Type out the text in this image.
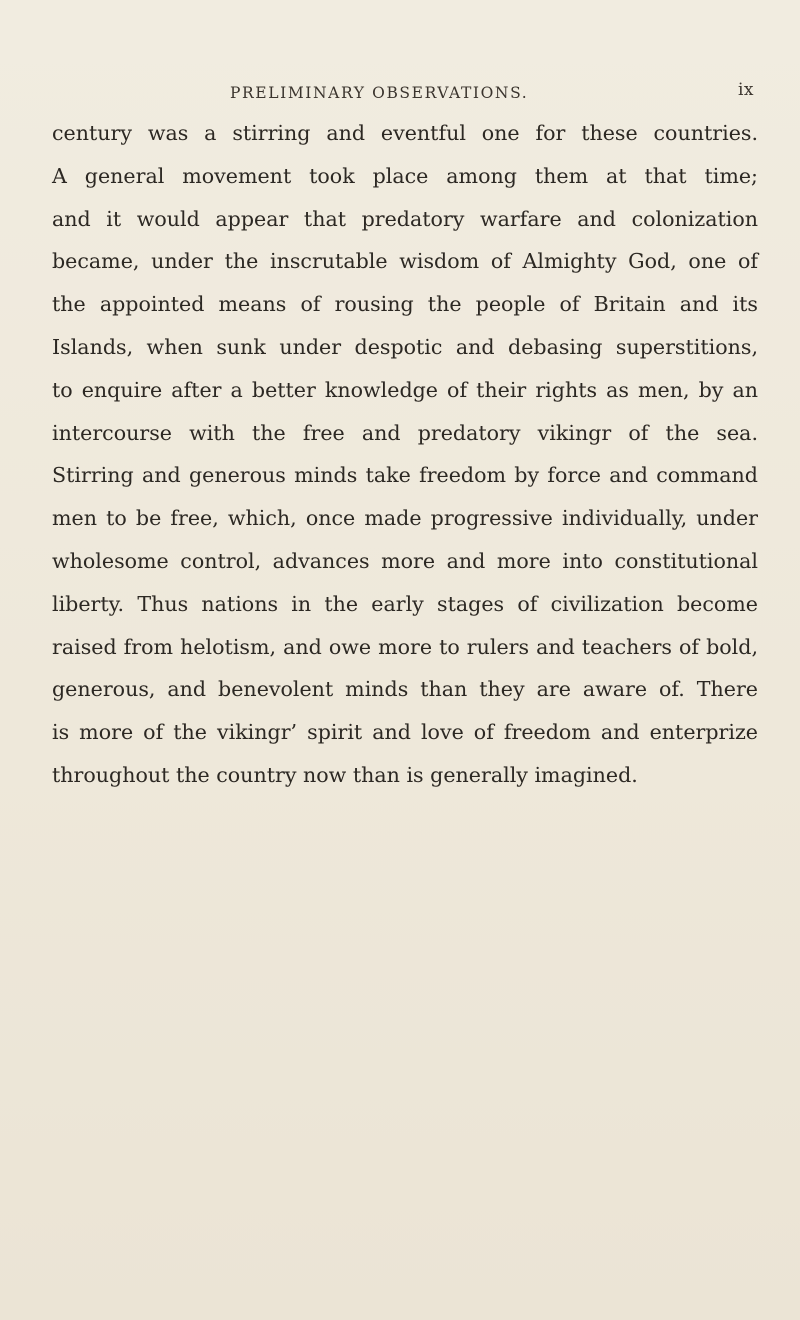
PRELIMINARY OBSERVATIONS.	ix
century was a stirring and eventful one for these countries.
A general movement took place among them at that time;
and it would appear that predatory warfare and colonization
became, under the inscrutable wisdom of Almighty God, one of
the appointed means of rousing the people of Britain and its
Islands, when sunk under despotic and debasing superstitions,
to enquire after a better knowledge of their rights as men, by an
intercourse with the free and predatory vikingr of the sea.
Stirring and generous minds take freedom by force and command
men to be free, which, once made progressive individually, under
wholesome control, advances more and more into constitutional
liberty. Thus nations in the early stages of civilization become
raised from helotism, and owe more to rulers and teachers of bold,
generous, and benevolent minds than they are aware of. There
is more of the vikingr’ spirit and love of freedom and enterprize
throughout the country now than is generally imagined.
